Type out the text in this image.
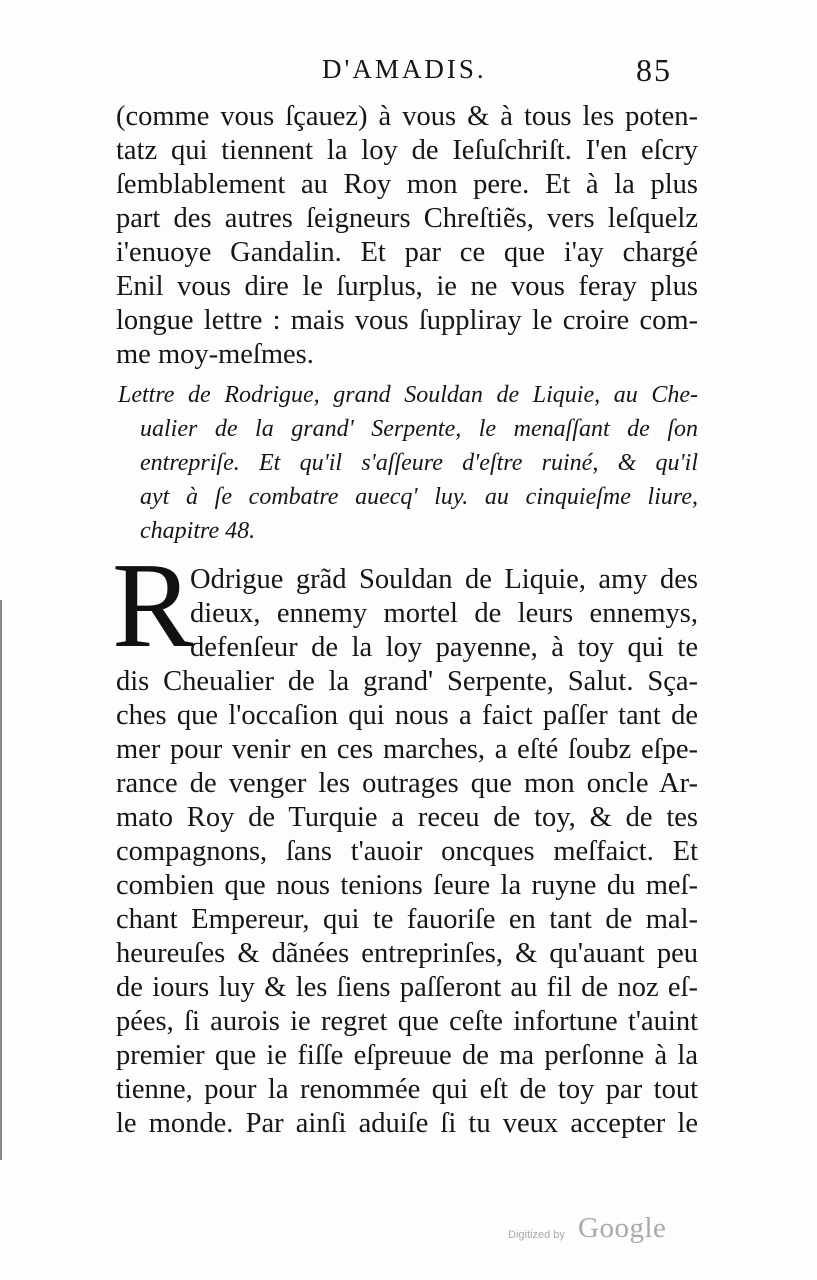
D'AMADIS.	85
(comme vous ſçauez) à vous & à tous les poten-
tatz qui tiennent la loy de Ieſuſchriſt. I'en eſcry
ſemblablement au Roy mon pere. Et à la plus
part des autres ſeigneurs Chreſtiẽs, vers leſquelz
i'enuoye Gandalin. Et par ce que i'ay chargé
Enil vous dire le ſurplus, ie ne vous feray plus
longue lettre : mais vous ſuppliray le croire com-
me moy-meſmes.
Lettre de Rodrigue, grand Souldan de Liquie, au Che-
ualier de la grand' Serpente, le menaſſant de ſon
entrepriſe. Et qu'il s'aſſeure d'eſtre ruiné, & qu'il
ayt à ſe combatre auecq' luy. au cinquieſme liure,
chapitre 48.
R
Odrigue grãd Souldan de Liquie, amy des
dieux, ennemy mortel de leurs ennemys,
defenſeur de la loy payenne, à toy qui te
dis Cheualier de la grand' Serpente, Salut. Sça-
ches que l'occaſion qui nous a faict paſſer tant de
mer pour venir en ces marches, a eſté ſoubz eſpe-
rance de venger les outrages que mon oncle Ar-
mato Roy de Turquie a receu de toy, & de tes
compagnons, ſans t'auoir oncques meſfaict. Et
combien que nous tenions ſeure la ruyne du meſ-
chant Empereur, qui te fauoriſe en tant de mal-
heureuſes & dãnées entreprinſes, & qu'auant peu
de iours luy & les ſiens paſſeront au fil de noz eſ-
pées, ſi aurois ie regret que ceſte infortune t'auint
premier que ie fiſſe eſpreuue de ma perſonne à la
tienne, pour la renommée qui eſt de toy par tout
le monde. Par ainſi aduiſe ſi tu veux accepter le
Digitized by Google
